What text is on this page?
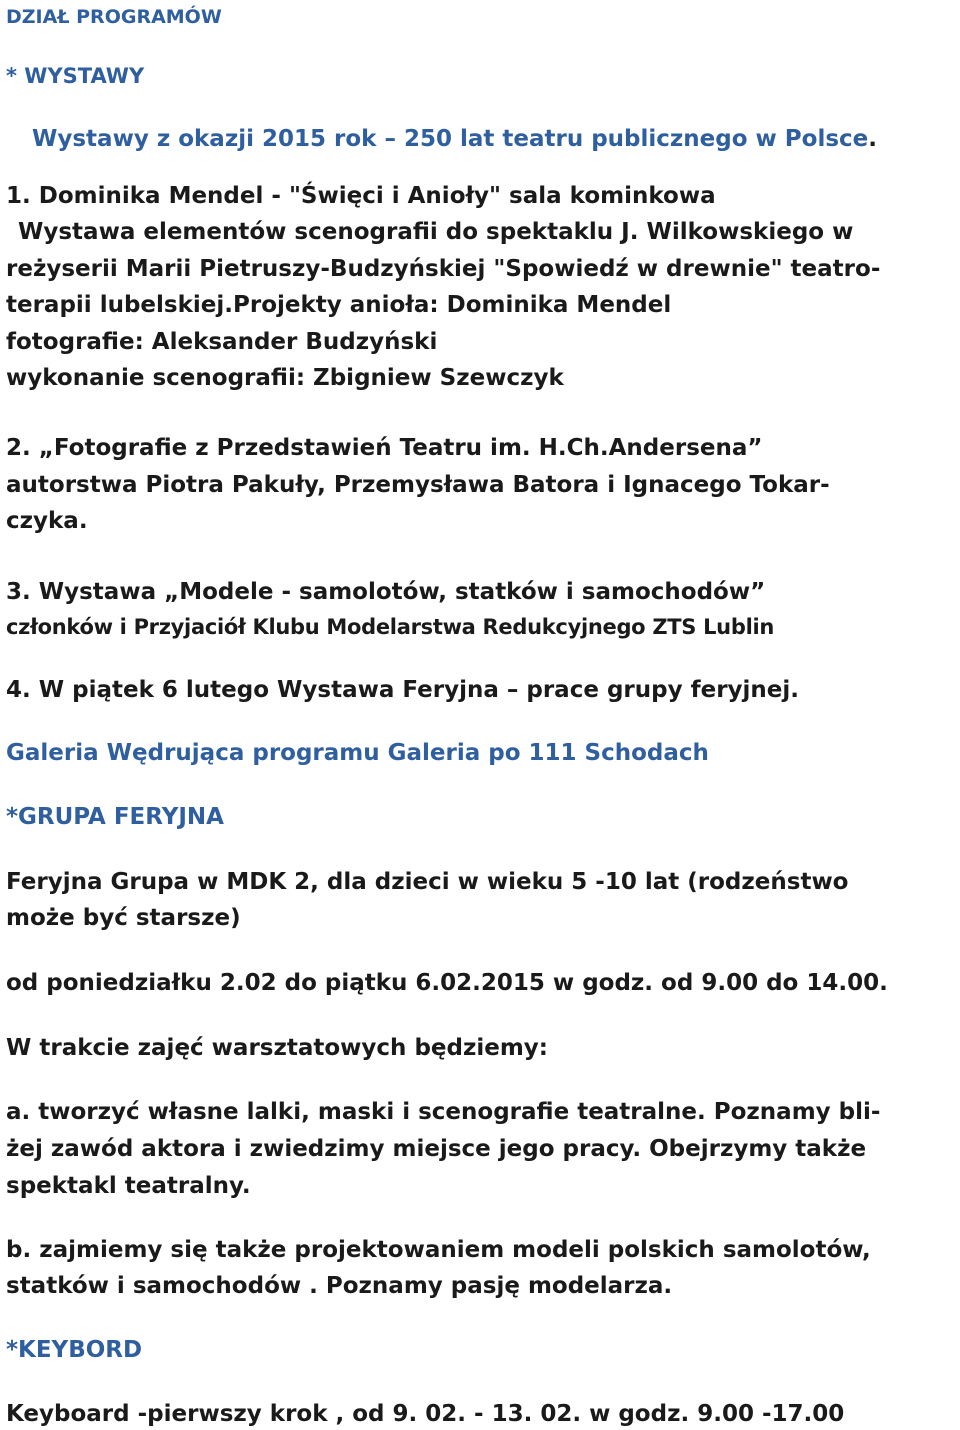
DZIAŁ PROGRAMÓW
* WYSTAWY
Wystawy z okazji 2015 rok – 250 lat teatru publicznego w Polsce.
1. Dominika Mendel - "Święci i Anioły" sala kominkowa
Wystawa elementów scenografii do spektaklu J. Wilkowskiego w
reżyserii Marii Pietruszy-Budzyńskiej "Spowiedź w drewnie" teatro-
terapii lubelskiej.Projekty anioła: Dominika Mendel
fotografie: Aleksander Budzyński
wykonanie scenografii: Zbigniew Szewczyk
2. „Fotografie z Przedstawień Teatru im. H.Ch.Andersena”
autorstwa Piotra Pakuły, Przemysława Batora i Ignacego Tokar-
czyka.
3. Wystawa „Modele - samolotów, statków i samochodów”
członków i Przyjaciół Klubu Modelarstwa Redukcyjnego ZTS Lublin
4. W piątek 6 lutego Wystawa Feryjna – prace grupy feryjnej.
Galeria Wędrująca programu Galeria po 111 Schodach
*GRUPA FERYJNA
Feryjna Grupa w MDK 2, dla dzieci w wieku 5 -10 lat (rodzeństwo
może być starsze)
od poniedziałku 2.02 do piątku 6.02.2015 w godz. od 9.00 do 14.00.
W trakcie zajęć warsztatowych będziemy:
a. tworzyć własne lalki, maski i scenografie teatralne. Poznamy bli-
żej zawód aktora i zwiedzimy miejsce jego pracy. Obejrzymy także
spektakl teatralny.
b. zajmiemy się także projektowaniem modeli polskich samolotów,
statków i samochodów . Poznamy pasję modelarza.
*KEYBORD
Keyboard -pierwszy krok , od 9. 02. - 13. 02. w godz. 9.00 -17.00
